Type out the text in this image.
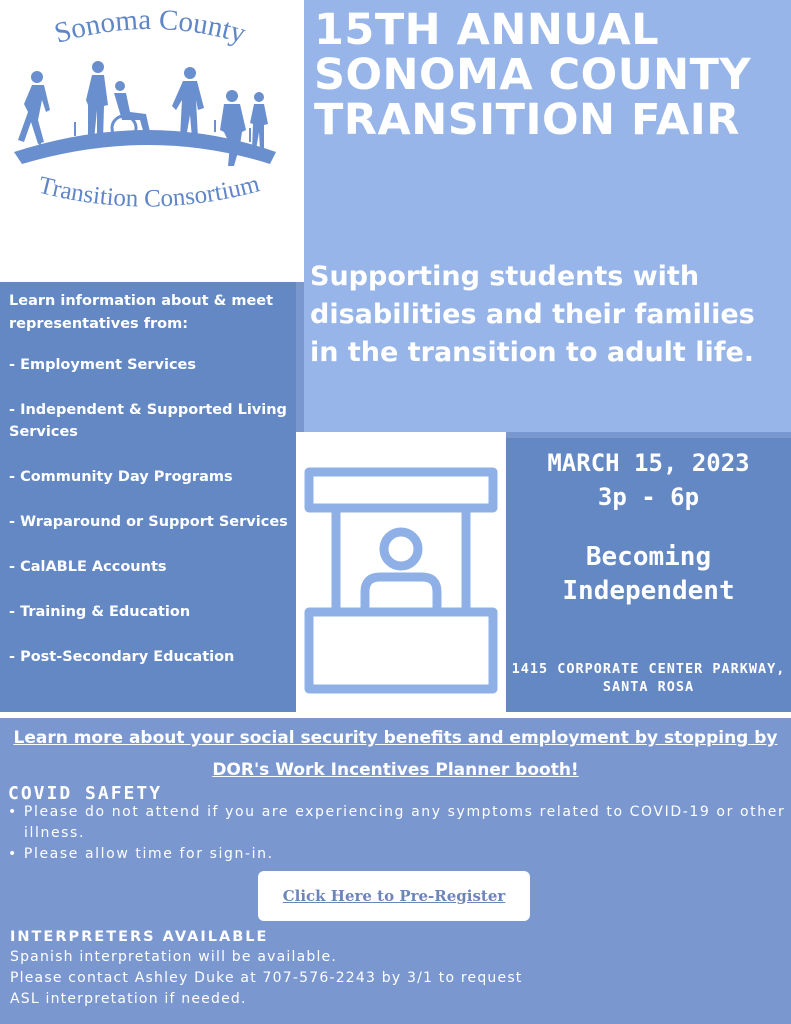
Sonoma County
Transition Consortium
15TH ANNUAL SONOMA COUNTY TRANSITION FAIR
Supporting students with disabilities and their families in the transition to adult life.
Learn information about & meet representatives from:
- Employment Services
- Independent & Supported Living Services
- Community Day Programs
- Wraparound or Support Services
- CalABLE Accounts
- Training & Education
- Post-Secondary Education
MARCH 15, 2023
3p - 6p
Becoming Independent
1415 CORPORATE CENTER PARKWAY, SANTA ROSA
Learn more about your social security benefits and employment by stopping by DOR's Work Incentives Planner booth!
COVID SAFETY
• Please do not attend if you are experiencing any symptoms related to COVID-19 or other illness.
• Please allow time for sign-in.
Click Here to Pre-Register
INTERPRETERS AVAILABLE
Spanish interpretation will be available.
Please contact Ashley Duke at 707-576-2243 by 3/1 to request
ASL interpretation if needed.
